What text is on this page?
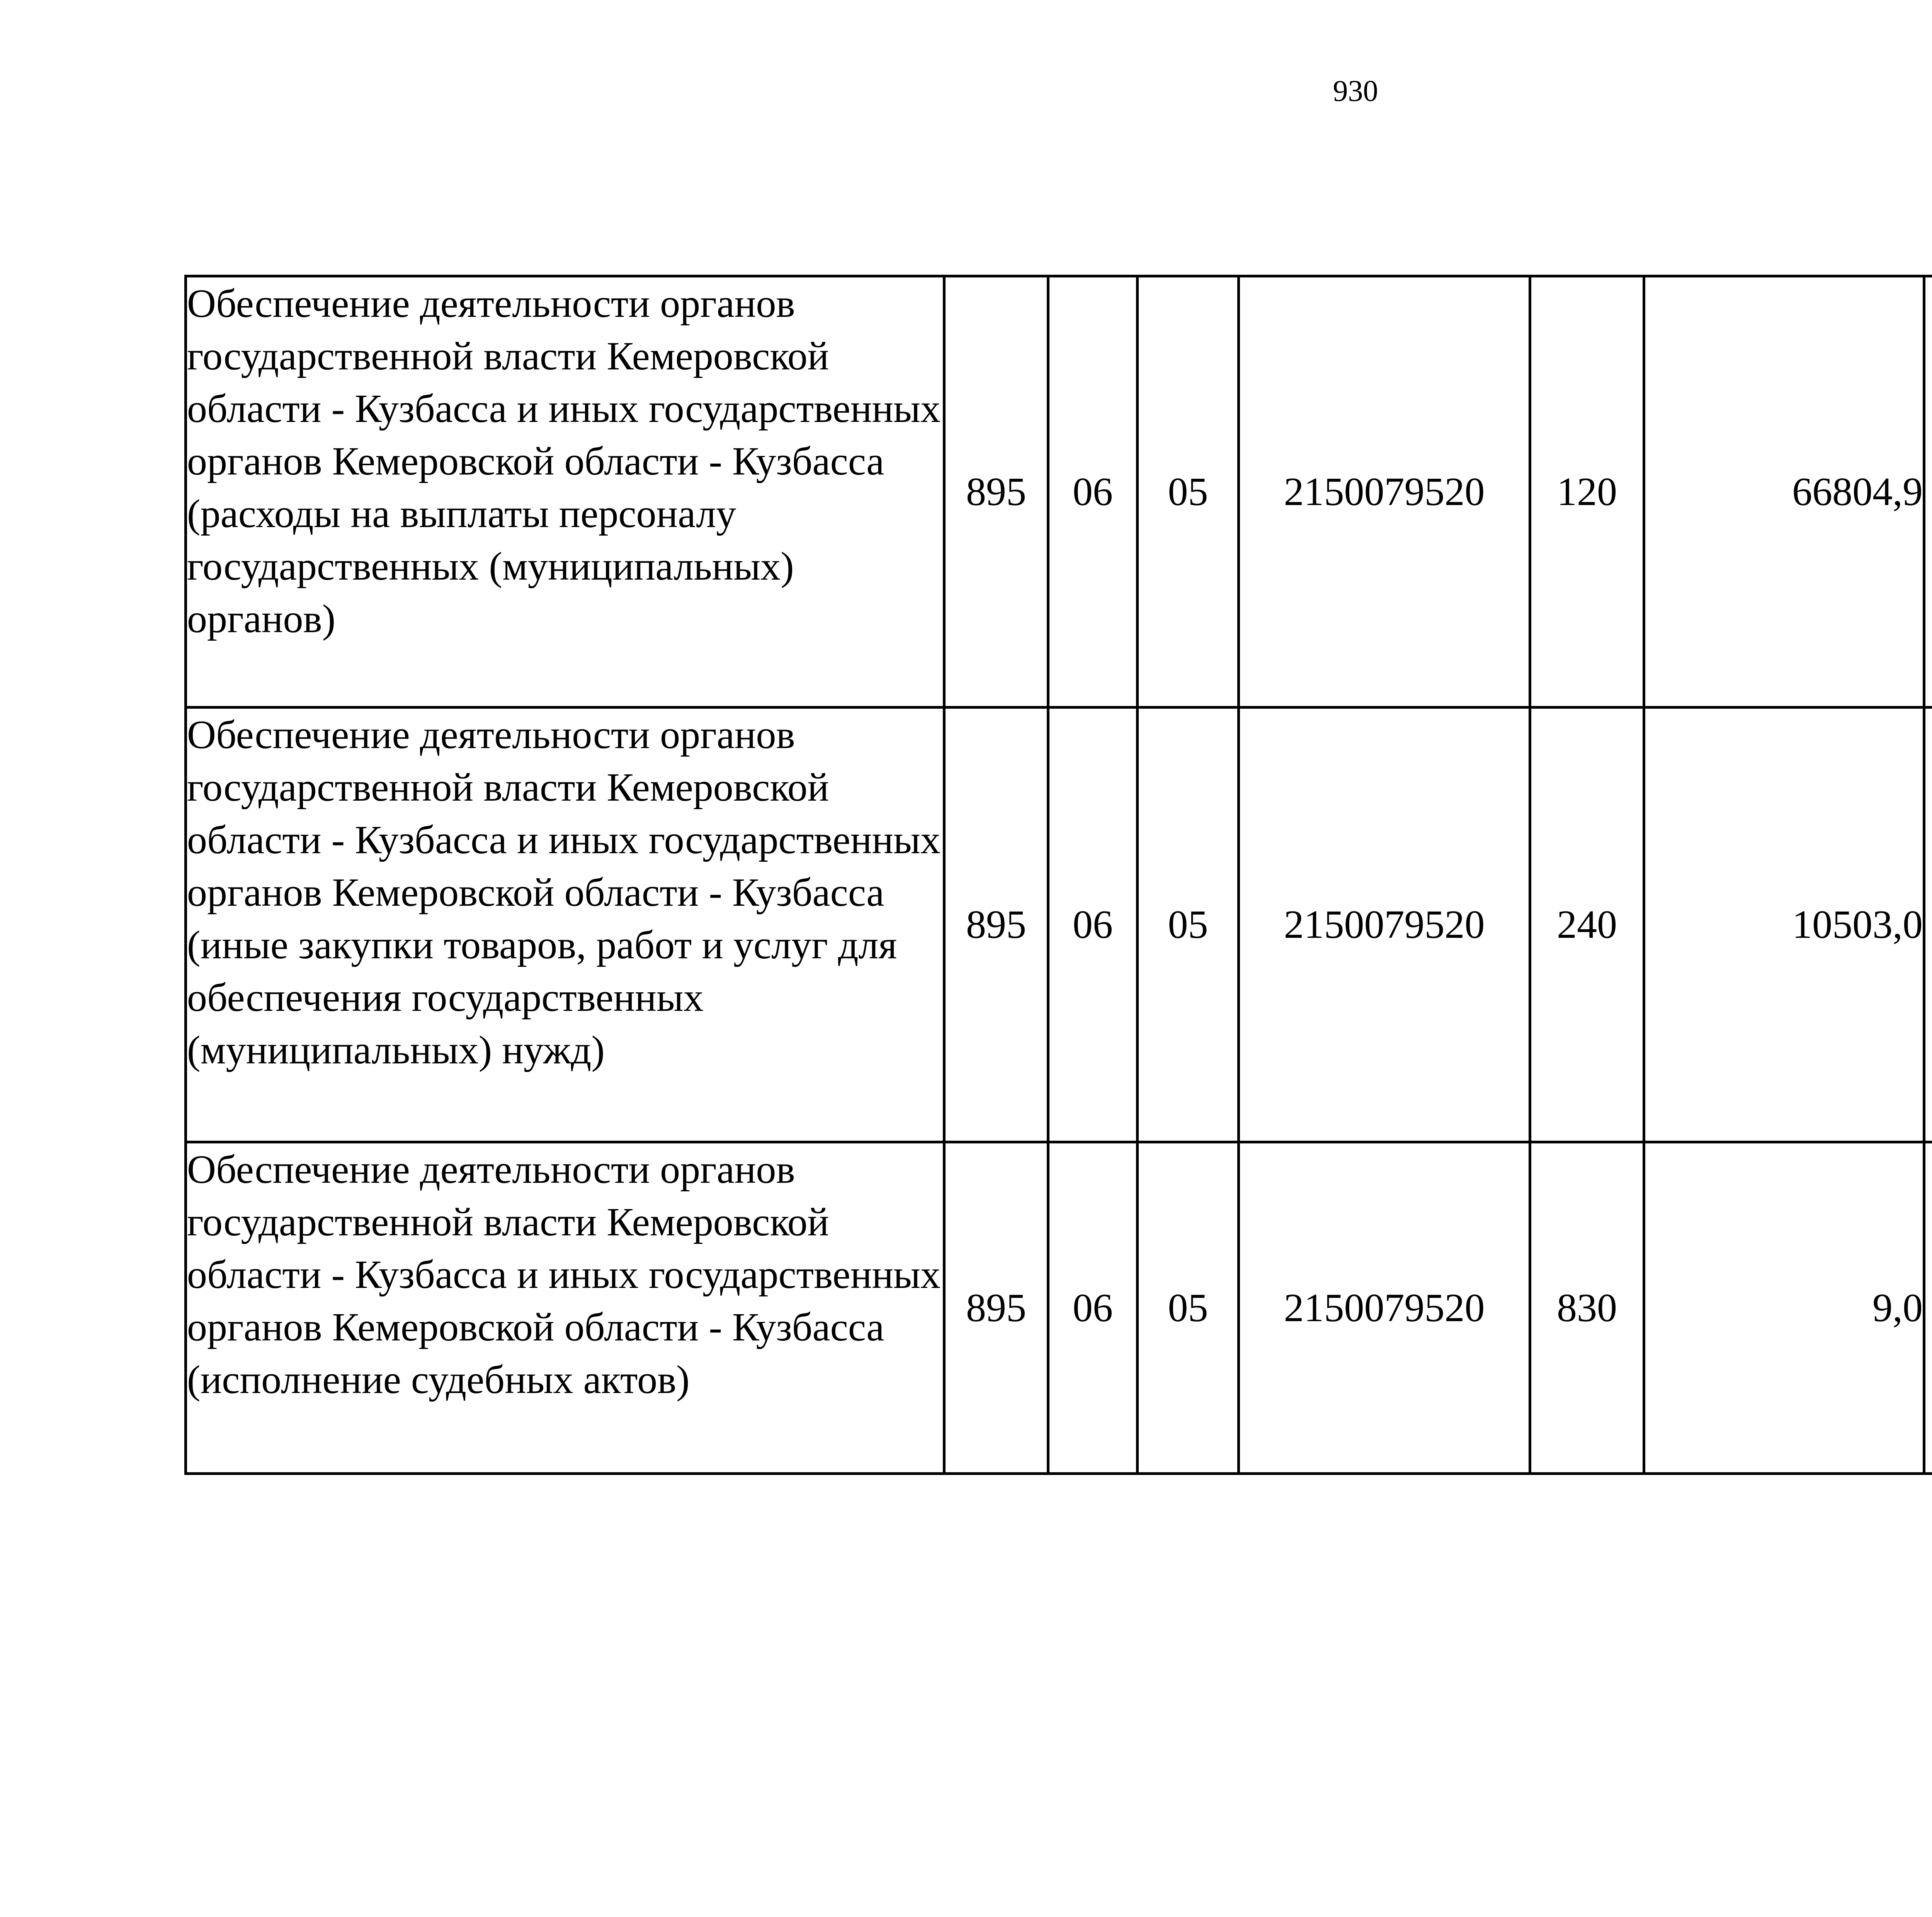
930
Обеспечение деятельности органов государственной власти Кемеровской области - Кузбасса и иных государственных органов Кемеровской области - Кузбасса (расходы на выплаты персоналу государственных (муниципальных) органов)	895	06	05	2150079520	120	66804,9		
Обеспечение деятельности органов государственной власти Кемеровской области - Кузбасса и иных государственных органов Кемеровской области - Кузбасса (иные закупки товаров, работ и услуг для обеспечения государственных (муниципальных) нужд)	895	06	05	2150079520	240	10503,0		
Обеспечение деятельности органов государственной власти Кемеровской области - Кузбасса и иных государственных органов Кемеровской области - Кузбасса (исполнение судебных актов)	895	06	05	2150079520	830	9,0		
